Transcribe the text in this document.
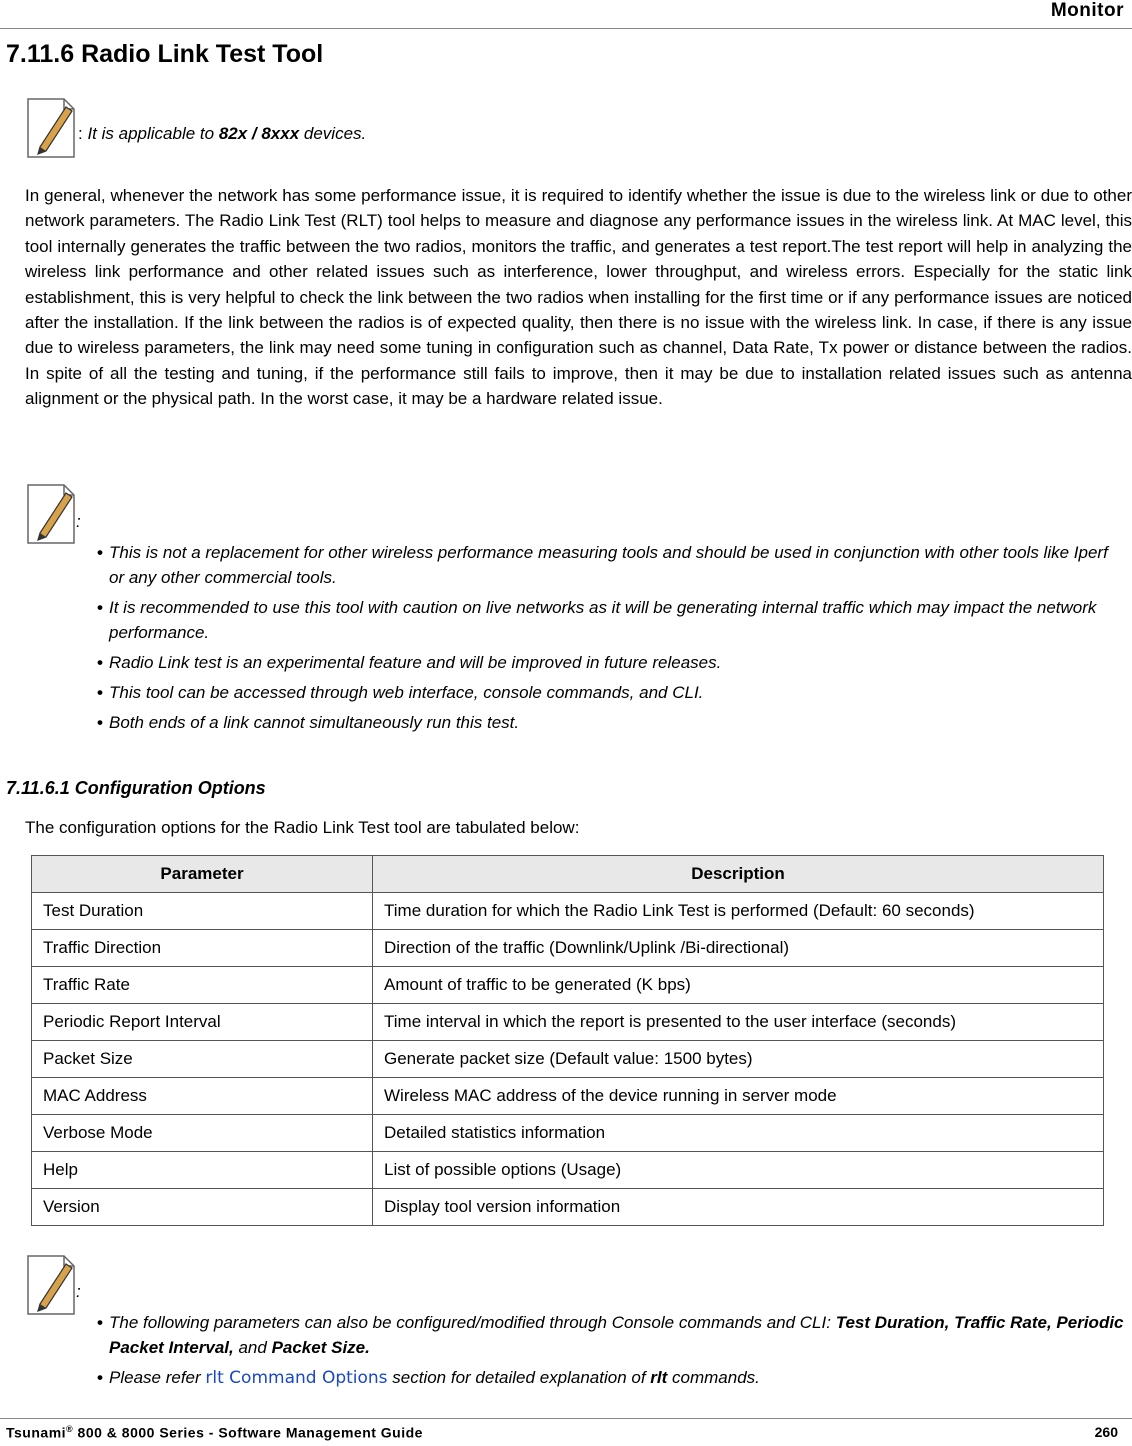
Monitor
7.11.6 Radio Link Test Tool
: It is applicable to 82x / 8xxx devices.

In general, whenever the network has some performance issue, it is required to identify whether the issue is due to the wireless link or due to other network parameters. The Radio Link Test (RLT) tool helps to measure and diagnose any performance issues in the wireless link. At MAC level, this tool internally generates the traffic between the two radios, monitors the traffic, and generates a test report.The test report will help in analyzing the wireless link performance and other related issues such as interference, lower throughput, and wireless errors. Especially for the static link establishment, this is very helpful to check the link between the two radios when installing for the first time or if any performance issues are noticed after the installation. If the link between the radios is of expected quality, then there is no issue with the wireless link. In case, if there is any issue due to wireless parameters, the link may need some tuning in configuration such as channel, Data Rate, Tx power or distance between the radios. In spite of all the testing and tuning, if the performance still fails to improve, then it may be due to installation related issues such as antenna alignment or the physical path. In the worst case, it may be a hardware related issue.

:
• This is not a replacement for other wireless performance measuring tools and should be used in conjunction with other tools like Iperf or any other commercial tools.
• It is recommended to use this tool with caution on live networks as it will be generating internal traffic which may impact the network performance.
• Radio Link test is an experimental feature and will be improved in future releases.
• This tool can be accessed through web interface, console commands, and CLI.
• Both ends of a link cannot simultaneously run this test.
7.11.6.1 Configuration Options

The configuration options for the Radio Link Test tool are tabulated below:

Parameter	Description
Test Duration	Time duration for which the Radio Link Test is performed (Default: 60 seconds)
Traffic Direction	Direction of the traffic (Downlink/Uplink /Bi-directional)
Traffic Rate	Amount of traffic to be generated (K bps)
Periodic Report Interval	Time interval in which the report is presented to the user interface (seconds)
Packet Size	Generate packet size (Default value: 1500 bytes)
MAC Address	Wireless MAC address of the device running in server mode
Verbose Mode	Detailed statistics information
Help	List of possible options (Usage)
Version	Display tool version information
:
• The following parameters can also be configured/modified through Console commands and CLI: Test Duration, Traffic Rate, Periodic Packet Interval, and Packet Size.
• Please refer rlt Command Options section for detailed explanation of rlt commands.
Tsunami® 800 & 8000 Series - Software Management Guide	260
